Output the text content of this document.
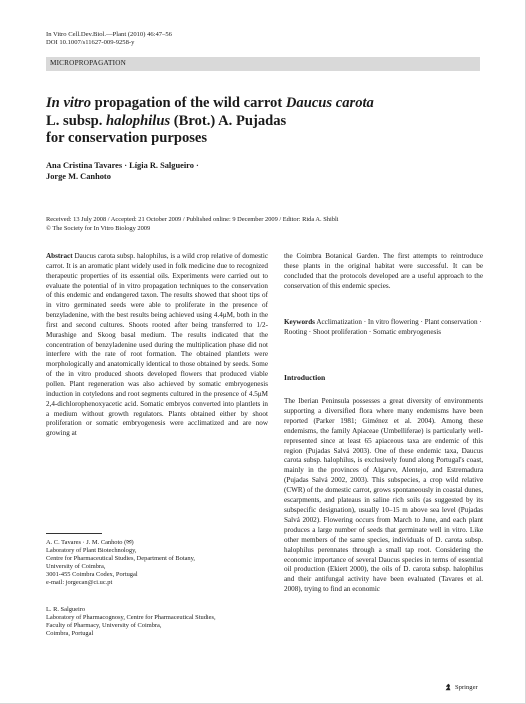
In Vitro Cell.Dev.Biol.—Plant (2010) 46:47–56
DOI 10.1007/s11627-009-9258-y
MICROPROPAGATION
In vitro propagation of the wild carrot Daucus carota
L. subsp. halophilus (Brot.) A. Pujadas
for conservation purposes
Ana Cristina Tavares · Lígia R. Salgueiro ·
Jorge M. Canhoto
Received: 13 July 2008 / Accepted: 21 October 2009 / Published online: 9 December 2009 / Editor: Rida A. Shibli
© The Society for In Vitro Biology 2009

Abstract Daucus carota subsp. halophilus, is a wild crop relative of domestic carrot. It is an aromatic plant widely used in folk medicine due to recognized therapeutic properties of its essential oils. Experiments were carried out to evaluate the potential of in vitro propagation techniques to the conservation of this endemic and endangered taxon. The results showed that shoot tips of in vitro germinated seeds were able to proliferate in the presence of benzyladenine, with the best results being achieved using 4.4μM, both in the first and second cultures. Shoots rooted after being transferred to 1/2-Murashige and Skoog basal medium. The results indicated that the concentration of benzyladenine used during the multiplication phase did not interfere with the rate of root formation. The obtained plantlets were morphologically and anatomically identical to those obtained by seeds. Some of the in vitro produced shoots developed flowers that produced viable pollen. Plant regeneration was also achieved by somatic embryogenesis induction in cotyledons and root segments cultured in the presence of 4.5μM 2,4-dichlorophenoxyacetic acid. Somatic embryos converted into plantlets in a medium without growth regulators. Plants obtained either by shoot proliferation or somatic embryogenesis were acclimatized and are now growing at

the Coimbra Botanical Garden. The first attempts to reintroduce these plants in the original habitat were successful. It can be concluded that the protocols developed are a useful approach to the conservation of this endemic species.

Keywords Acclimatization · In vitro flowering · Plant conservation · Rooting · Shoot proliferation · Somatic embryogenesis
Introduction
The Iberian Peninsula possesses a great diversity of environments supporting a diversified flora where many endemisms have been reported (Parker 1981; Giménez et al. 2004). Among these endemisms, the family Apiaceae (Umbelliferae) is particularly well-represented since at least 65 apiaceous taxa are endemic of this region (Pujadas Salvá 2003). One of these endemic taxa, Daucus carota subsp. halophilus, is exclusively found along Portugal's coast, mainly in the provinces of Algarve, Alentejo, and Estremadura (Pujadas Salvá 2002, 2003). This subspecies, a crop wild relative (CWR) of the domestic carrot, grows spontaneously in coastal dunes, escarpments, and plateaus in saline rich soils (as suggested by its subspecific designation), usually 10–15 m above sea level (Pujadas Salvá 2002). Flowering occurs from March to June, and each plant produces a large number of seeds that germinate well in vitro. Like other members of the same species, individuals of D. carota subsp. halophilus perennates through a small tap root. Considering the economic importance of several Daucus species in terms of essential oil production (Ekiert 2000), the oils of D. carota subsp. halophilus and their antifungal activity have been evaluated (Tavares et al. 2008), trying to find an economic
A. C. Tavares · J. M. Canhoto (✉)
Laboratory of Plant Biotechnology,
Centre for Pharmaceutical Studies, Department of Botany,
University of Coimbra,
3001-455 Coimbra Codex, Portugal
e-mail: jorgecan@ci.uc.pt
L. R. Salgueiro
Laboratory of Pharmacognosy, Centre for Pharmaceutical Studies,
Faculty of Pharmacy, University of Coimbra,
Coimbra, Portugal
Springer
